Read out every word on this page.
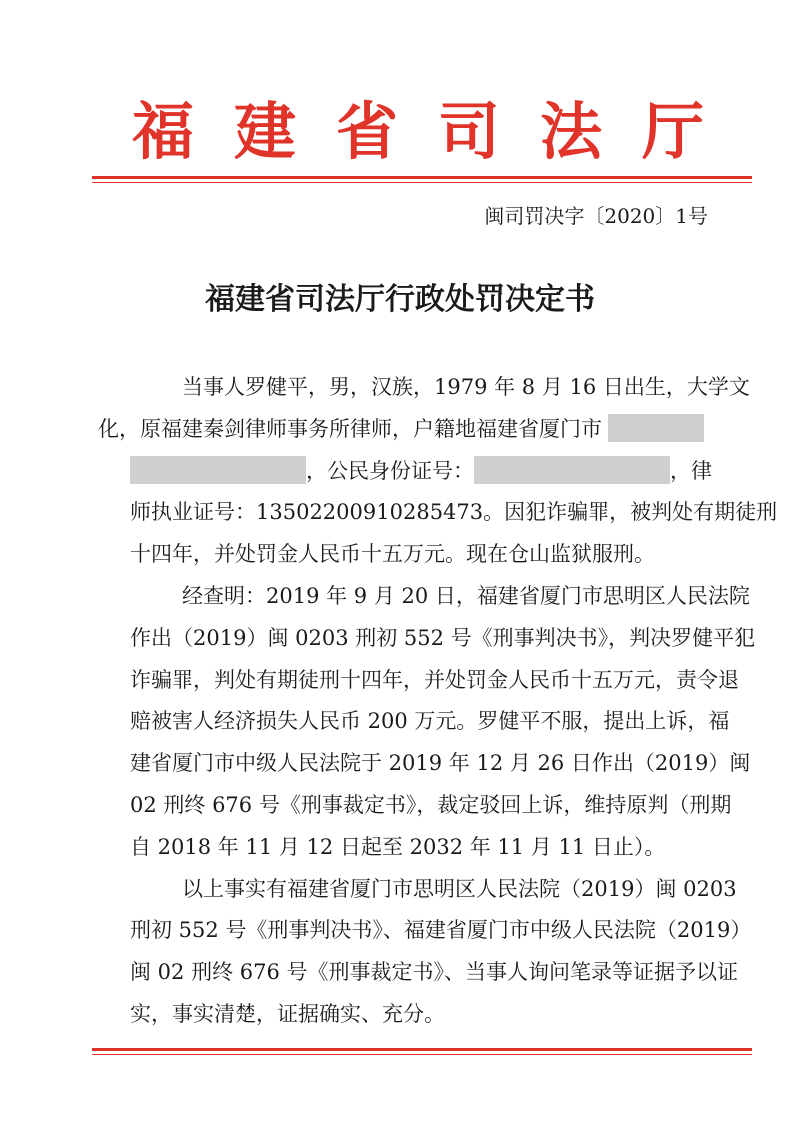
福建省司法厅
闽司罚决字〔2020〕1号
福建省司法厅行政处罚决定书
当事人罗健平，男，汉族，1979 年 8 月 16 日出生，大学文
化，原福建秦剑律师事务所律师，户籍地福建省厦门市
，公民身份证号：	，律
师执业证号：13502200910285473。因犯诈骗罪，被判处有期徒刑
十四年，并处罚金人民币十五万元。现在仓山监狱服刑。
经查明：2019 年 9 月 20 日，福建省厦门市思明区人民法院
作出（2019）闽 0203 刑初 552 号《刑事判决书》，判决罗健平犯
诈骗罪，判处有期徒刑十四年，并处罚金人民币十五万元，责令退
赔被害人经济损失人民币 200 万元。罗健平不服，提出上诉，福
建省厦门市中级人民法院于 2019 年 12 月 26 日作出（2019）闽
02 刑终 676 号《刑事裁定书》，裁定驳回上诉，维持原判（刑期
自 2018 年 11 月 12 日起至 2032 年 11 月 11 日止）。
以上事实有福建省厦门市思明区人民法院（2019）闽 0203
刑初 552 号《刑事判决书》、福建省厦门市中级人民法院（2019）
闽 02 刑终 676 号《刑事裁定书》、当事人询问笔录等证据予以证
实，事实清楚，证据确实、充分。
